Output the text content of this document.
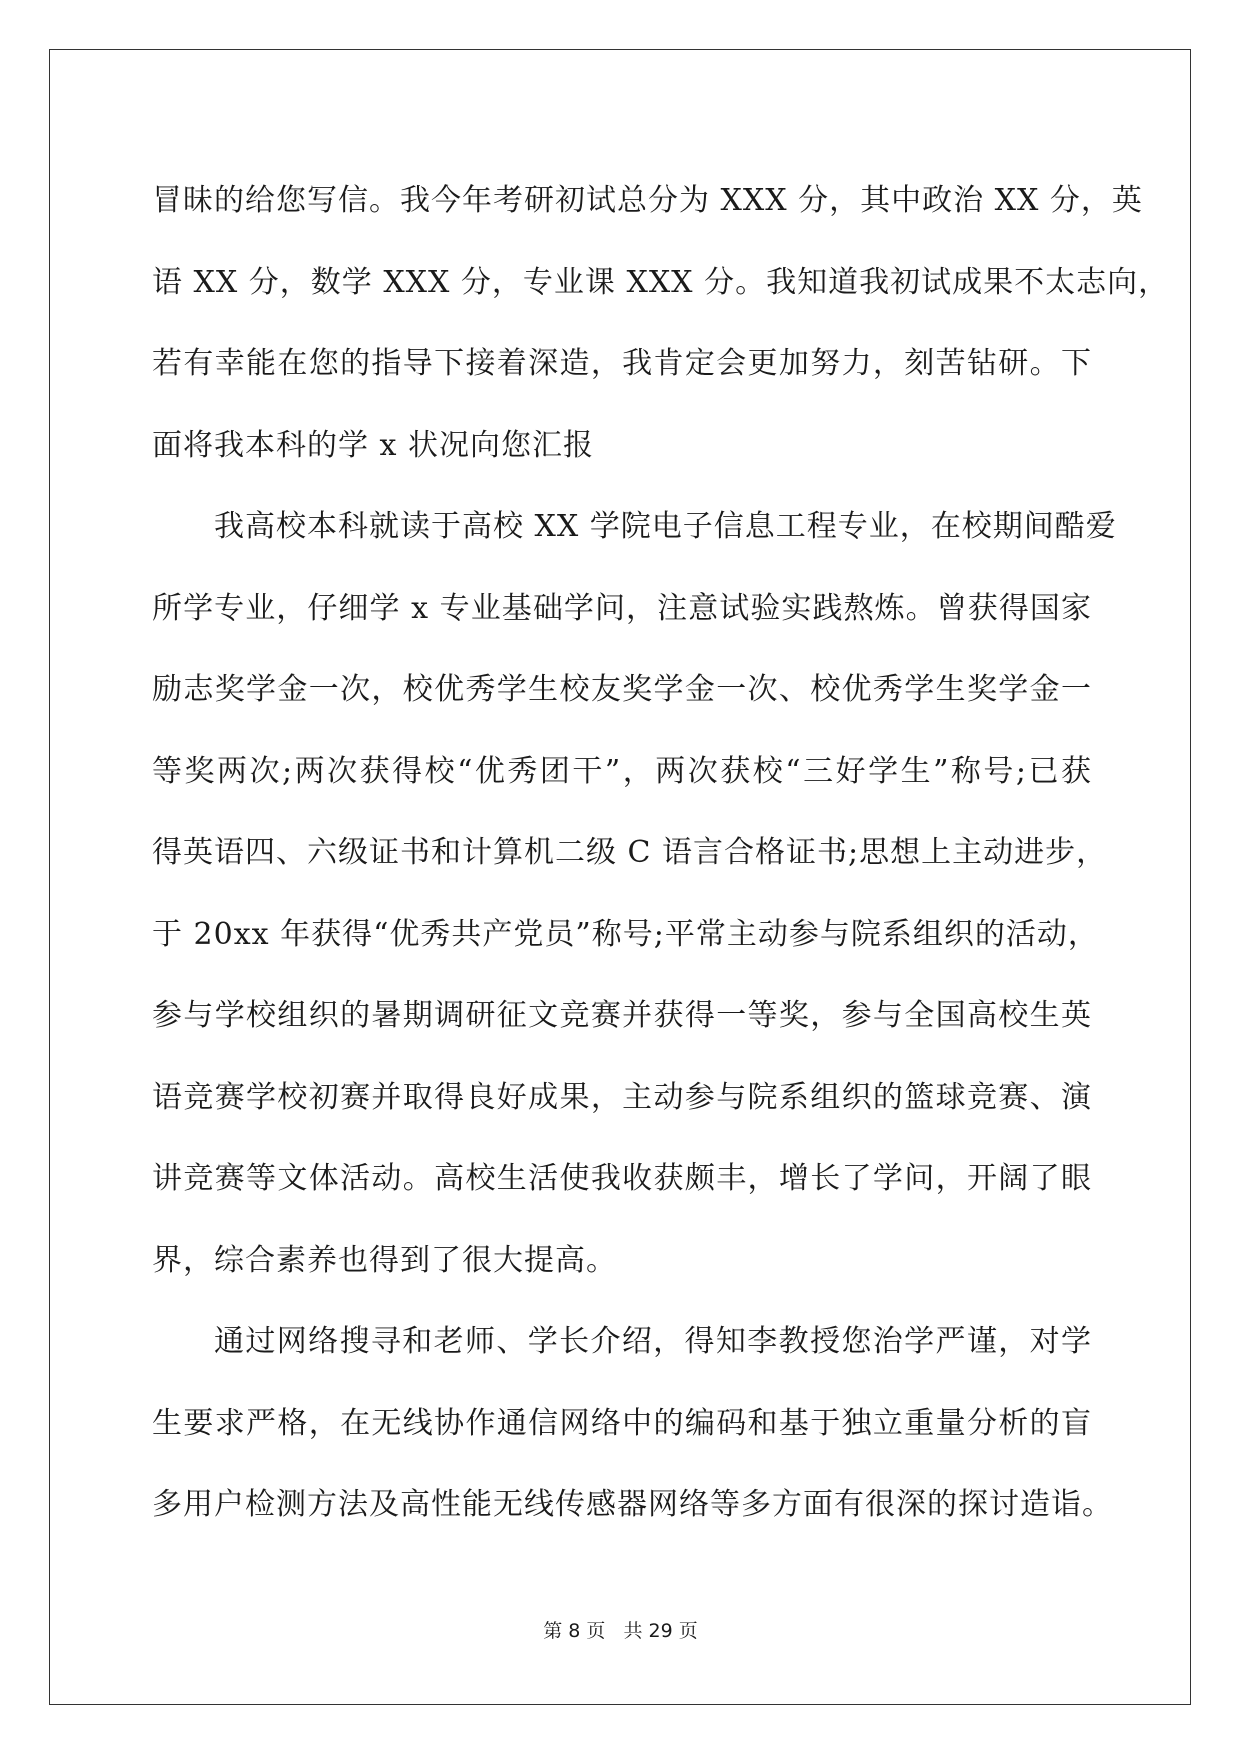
冒昧的给您写信。我今年考研初试总分为 XXX 分，其中政治 XX 分，英
语 XX 分，数学 XXX 分，专业课 XXX 分。我知道我初试成果不太志向，
若有幸能在您的指导下接着深造，我肯定会更加努力，刻苦钻研。下
面将我本科的学 x 状况向您汇报

我高校本科就读于高校 XX 学院电子信息工程专业，在校期间酷爱
所学专业，仔细学 x 专业基础学问，注意试验实践熬炼。曾获得国家
励志奖学金一次，校优秀学生校友奖学金一次、校优秀学生奖学金一
等奖两次;两次获得校“优秀团干”，两次获校“三好学生”称号;已获
得英语四、六级证书和计算机二级 C 语言合格证书;思想上主动进步，
于 20xx 年获得“优秀共产党员”称号;平常主动参与院系组织的活动，
参与学校组织的暑期调研征文竞赛并获得一等奖，参与全国高校生英
语竞赛学校初赛并取得良好成果，主动参与院系组织的篮球竞赛、演
讲竞赛等文体活动。高校生活使我收获颇丰，增长了学问，开阔了眼
界，综合素养也得到了很大提高。

通过网络搜寻和老师、学长介绍，得知李教授您治学严谨，对学
生要求严格，在无线协作通信网络中的编码和基于独立重量分析的盲
多用户检测方法及高性能无线传感器网络等多方面有很深的探讨造诣。

第 8 页 共 29 页
